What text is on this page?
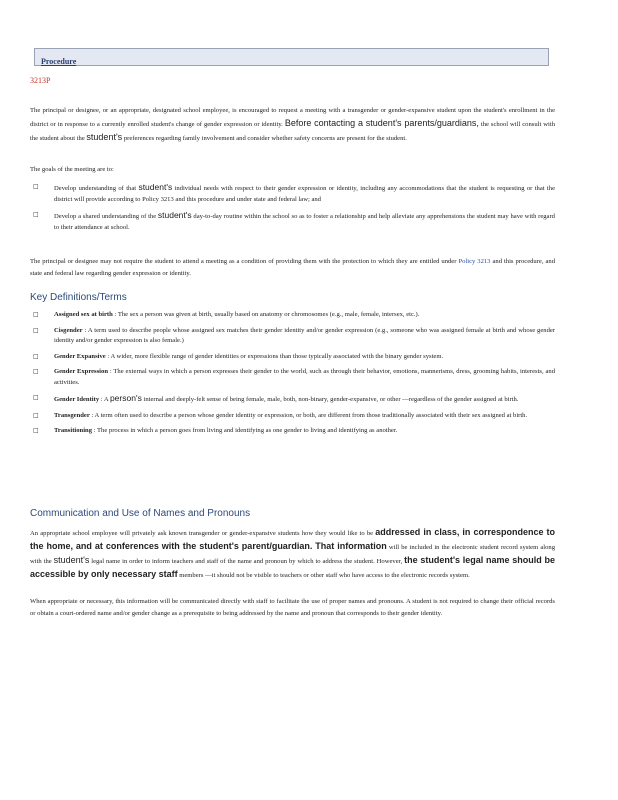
Procedure
3213P

The principal or designee, or an appropriate, designated school employee, is encouraged to request a meeting with a transgender or gender-expansive student upon the student's enrollment in the district or in response to a currently enrolled student's change of gender expression or identity. Before contacting a student's parents/guardians, the school will consult with the student about the student's preferences regarding family involvement and consider whether safety concerns are present for the student.

The goals of the meeting are to:

□ Develop understanding of that student's individual needs with respect to their gender expression or identity, including any accommodations that the student is requesting or that the district will provide according to Policy 3213 and this procedure and under state and federal law; and
□ Develop a shared understanding of the student's day-to-day routine within the school so as to foster a relationship and help alleviate any apprehensions the student may have with regard to their attendance at school.

The principal or designee may not require the student to attend a meeting as a condition of providing them with the protection to which they are entitled under Policy 3213 and this procedure, and state and federal law regarding gender expression or identity.

Key Definitions/Terms
□ Assigned sex at birth : The sex a person was given at birth, usually based on anatomy or chromosomes (e.g., male, female, intersex, etc.).
□ Cisgender : A term used to describe people whose assigned sex matches their gender identity and/or gender expression (e.g., someone who was assigned female at birth and whose gender identity and/or gender expression is also female.)
□ Gender Expansive : A wider, more flexible range of gender identities or expressions than those typically associated with the binary gender system.
□ Gender Expression : The external ways in which a person expresses their gender to the world, such as through their behavior, emotions, mannerisms, dress, grooming habits, interests, and activities.
□ Gender Identity : A person's internal and deeply-felt sense of being female, male, both, non-binary, gender-expansive, or other —regardless of the gender assigned at birth.
□ Transgender : A term often used to describe a person whose gender identity or expression, or both, are different from those traditionally associated with their sex assigned at birth.
□ Transitioning : The process in which a person goes from living and identifying as one gender to living and identifying as another.
Communication and Use of Names and Pronouns

An appropriate school employee will privately ask known transgender or gender-expansive students how they would like to be addressed in class, in correspondence to the home, and at conferences with the student's parent/guardian. That information will be included in the electronic student record system along with the student's legal name in order to inform teachers and staff of the name and pronoun by which to address the student. However, the student's legal name should be accessible by only necessary staff members —it should not be visible to teachers or other staff who have access to the electronic records system.

When appropriate or necessary, this information will be communicated directly with staff to facilitate the use of proper names and pronouns. A student is not required to change their official records or obtain a court-ordered name and/or gender change as a prerequisite to being addressed by the name and pronoun that corresponds to their gender identity.
